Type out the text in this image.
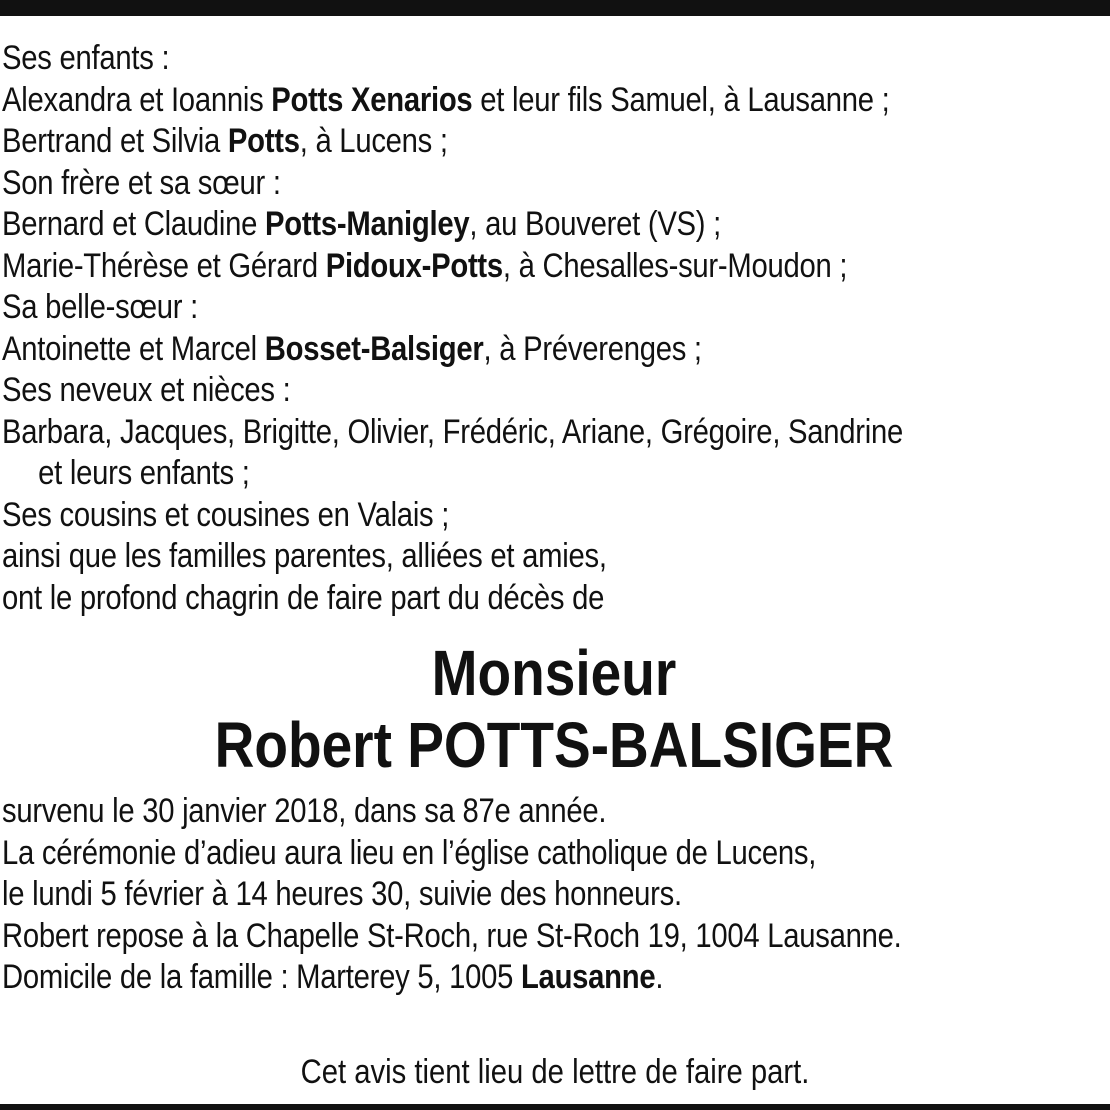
Ses enfants :
Alexandra et Ioannis Potts Xenarios et leur fils Samuel, à Lausanne ;
Bertrand et Silvia Potts, à Lucens ;
Son frère et sa sœur :
Bernard et Claudine Potts-Manigley, au Bouveret (VS) ;
Marie-Thérèse et Gérard Pidoux-Potts, à Chesalles-sur-Moudon ;
Sa belle-sœur :
Antoinette et Marcel Bosset-Balsiger, à Préverenges ;
Ses neveux et nièces :
Barbara, Jacques, Brigitte, Olivier, Frédéric, Ariane, Grégoire, Sandrine
et leurs enfants ;
Ses cousins et cousines en Valais ;
ainsi que les familles parentes, alliées et amies,
ont le profond chagrin de faire part du décès de
Monsieur
Robert POTTS-BALSIGER
survenu le 30 janvier 2018, dans sa 87e année.
La cérémonie d’adieu aura lieu en l’église catholique de Lucens,
le lundi 5 février à 14 heures 30, suivie des honneurs.
Robert repose à la Chapelle St-Roch, rue St-Roch 19, 1004 Lausanne.
Domicile de la famille : Marterey 5, 1005 Lausanne.
Cet avis tient lieu de lettre de faire part.
